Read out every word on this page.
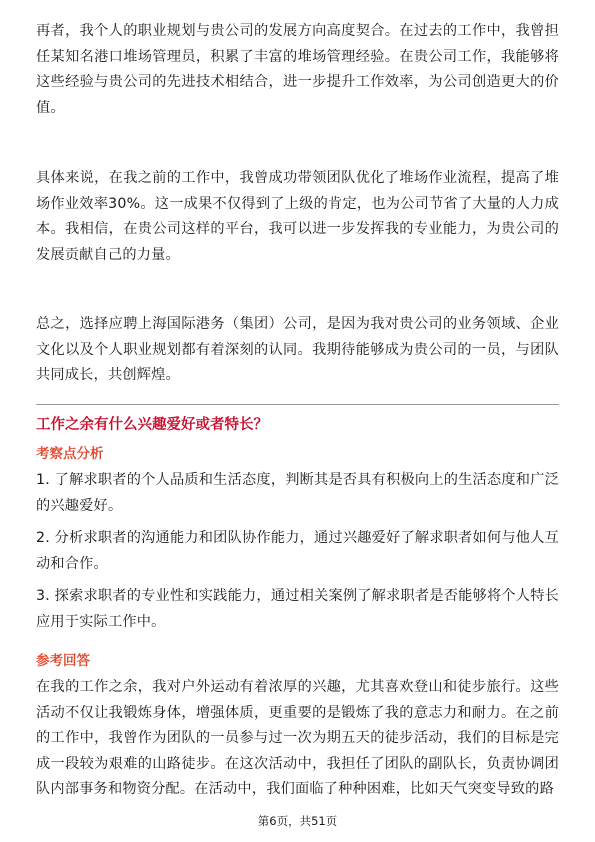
再者，我个人的职业规划与贵公司的发展方向高度契合。在过去的工作中，我曾担任某知名港口堆场管理员，积累了丰富的堆场管理经验。在贵公司工作，我能够将这些经验与贵公司的先进技术相结合，进一步提升工作效率，为公司创造更大的价值。

具体来说，在我之前的工作中，我曾成功带领团队优化了堆场作业流程，提高了堆场作业效率30%。这一成果不仅得到了上级的肯定，也为公司节省了大量的人力成本。我相信，在贵公司这样的平台，我可以进一步发挥我的专业能力，为贵公司的发展贡献自己的力量。

总之，选择应聘上海国际港务（集团）公司，是因为我对贵公司的业务领域、企业文化以及个人职业规划都有着深刻的认同。我期待能够成为贵公司的一员，与团队共同成长，共创辉煌。

工作之余有什么兴趣爱好或者特长？
考察点分析

1. 了解求职者的个人品质和生活态度，判断其是否具有积极向上的生活态度和广泛的兴趣爱好。

2. 分析求职者的沟通能力和团队协作能力，通过兴趣爱好了解求职者如何与他人互动和合作。

3. 探索求职者的专业性和实践能力，通过相关案例了解求职者是否能够将个人特长应用于实际工作中。

参考回答

在我的工作之余，我对户外运动有着浓厚的兴趣，尤其喜欢登山和徒步旅行。这些活动不仅让我锻炼身体，增强体质，更重要的是锻炼了我的意志力和耐力。在之前的工作中，我曾作为团队的一员参与过一次为期五天的徒步活动，我们的目标是完成一段较为艰难的山路徒步。在这次活动中，我担任了团队的副队长，负责协调团队内部事务和物资分配。在活动中，我们面临了种种困难，比如天气突变导致的路

第6页，共51页
